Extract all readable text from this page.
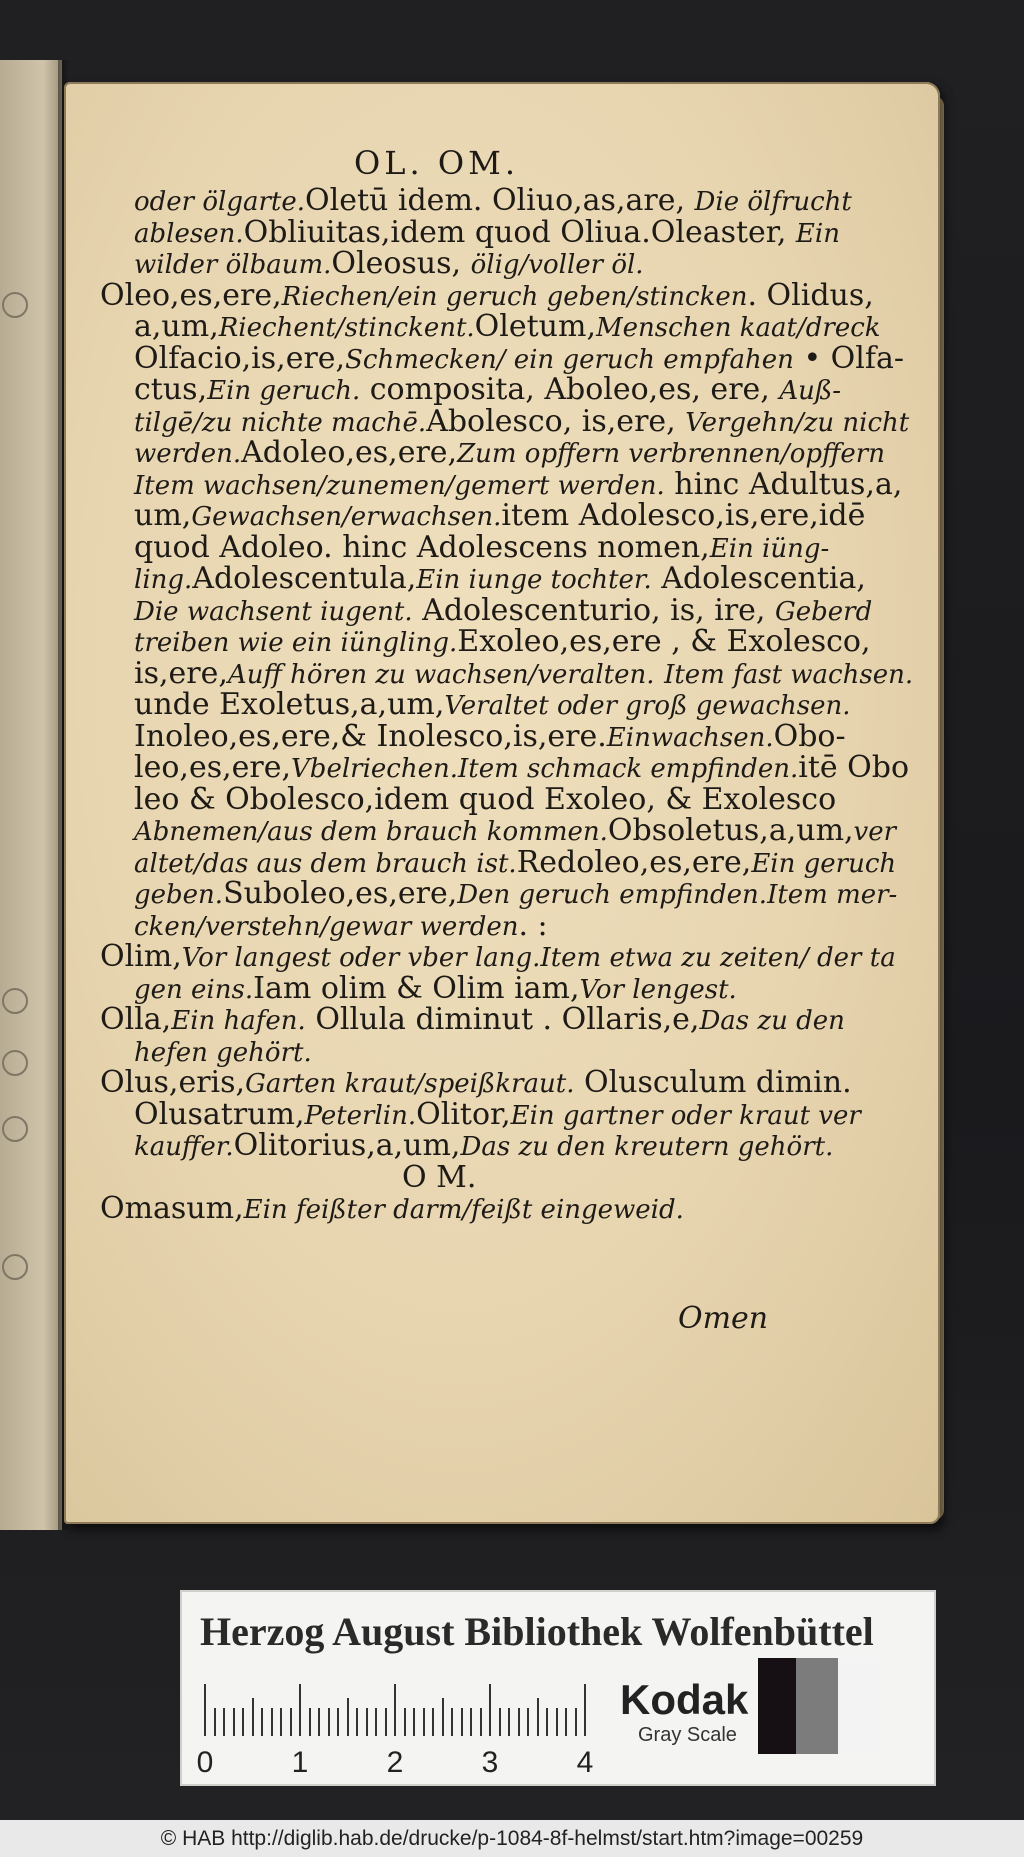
OL. OM.
oder ölgarte.Oletū idem. Oliuo,as,are, Die ölfrucht
ablesen.Obliuitas,idem quod Oliua.Oleaster, Ein
wilder ölbaum.Oleosus, ölig/voller öl.
Oleo,es,ere,Riechen/ein geruch geben/stincken. Olidus,
a,um,Riechent/stinckent.Oletum,Menschen kaat/dreck
Olfacio,is,ere,Schmecken/ ein geruch empfahen • Olfa-
ctus,Ein geruch. composita, Aboleo,es, ere, Auß-
tilgē/zu nichte machē.Abolesco, is,ere, Vergehn/zu nicht
werden.Adoleo,es,ere,Zum opffern verbrennen/opffern
Item wachsen/zunemen/gemert werden. hinc Adultus,a,
um,Gewachsen/erwachsen.item Adolesco,is,ere,idē
quod Adoleo. hinc Adolescens nomen,Ein iüng-
ling.Adolescentula,Ein iunge tochter. Adolescentia,
Die wachsent iugent. Adolescenturio, is, ire, Geberd
treiben wie ein iüngling.Exoleo,es,ere , & Exolesco,
is,ere,Auff hören zu wachsen/veralten. Item fast wachsen.
unde Exoletus,a,um,Veraltet oder groß gewachsen.
Inoleo,es,ere,& Inolesco,is,ere.Einwachsen.Obo-
leo,es,ere,Vbelriechen.Item schmack empfinden.itē Obo
leo & Obolesco,idem quod Exoleo, & Exolesco
Abnemen/aus dem brauch kommen.Obsoletus,a,um,ver
altet/das aus dem brauch ist.Redoleo,es,ere,Ein geruch
geben.Suboleo,es,ere,Den geruch empfinden.Item mer-
cken/verstehn/gewar werden. :
Olim,Vor langest oder vber lang.Item etwa zu zeiten/ der ta
gen eins.Iam olim & Olim iam,Vor lengest.
Olla,Ein hafen. Ollula diminut . Ollaris,e,Das zu den
hefen gehört.
Olus,eris,Garten kraut/speißkraut. Olusculum dimin.
Olusatrum,Peterlin.Olitor,Ein gartner oder kraut ver
kauffer.Olitorius,a,um,Das zu den kreutern gehört.
O M.
Omasum,Ein feißter darm/feißt eingeweid.
Omen
Herzog August Bibliothek Wolfenbüttel
0	1	2	3	4
Kodak
Gray Scale
© HAB http://diglib.hab.de/drucke/p-1084-8f-helmst/start.htm?image=00259
